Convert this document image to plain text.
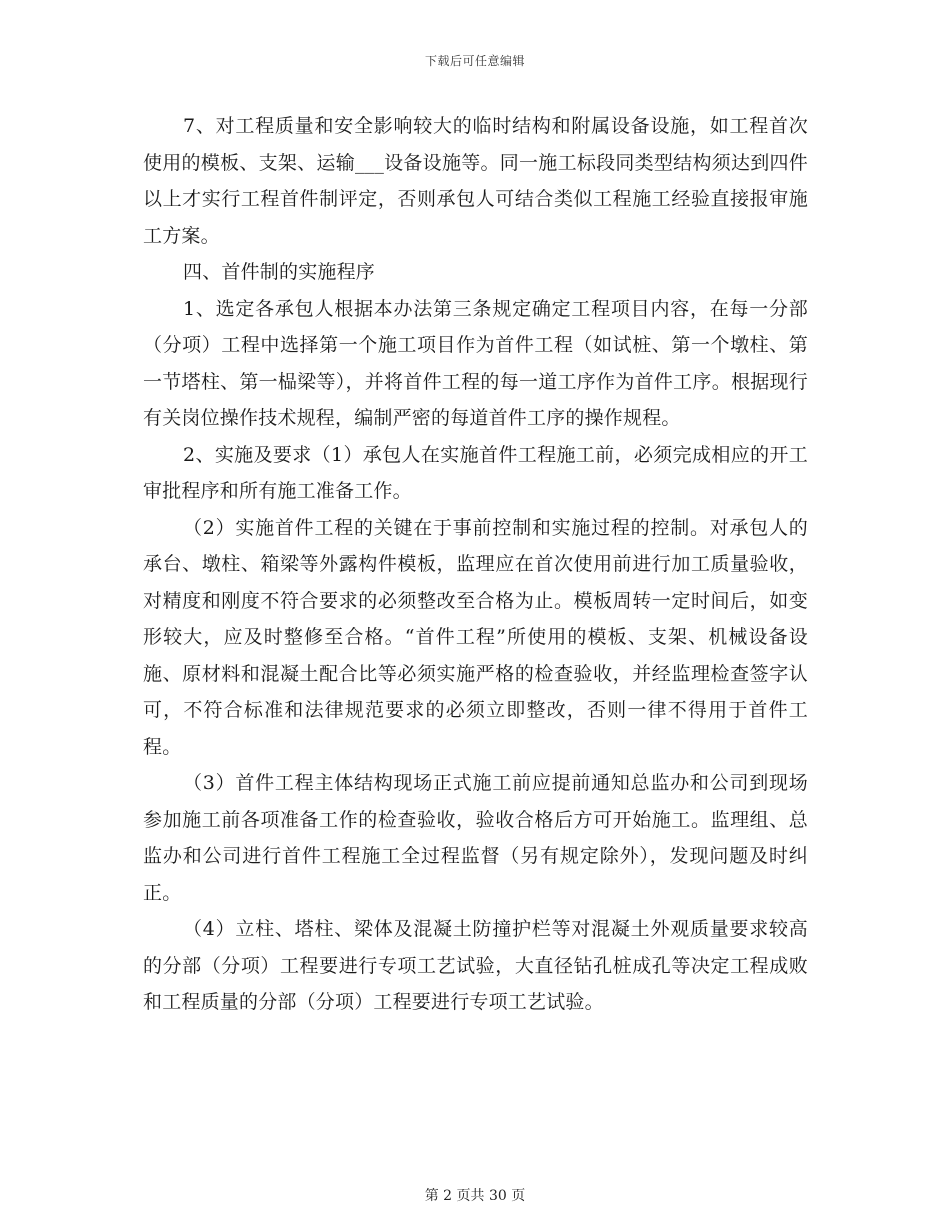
下载后可任意编辑

7、对工程质量和安全影响较大的临时结构和附属设备设施，如工程首次使用的模板、支架、运输___设备设施等。同一施工标段同类型结构须达到四件以上才实行工程首件制评定，否则承包人可结合类似工程施工经验直接报审施工方案。

四、首件制的实施程序

1、选定各承包人根据本办法第三条规定确定工程项目内容，在每一分部（分项）工程中选择第一个施工项目作为首件工程（如试桩、第一个墩柱、第一节塔柱、第一榀梁等），并将首件工程的每一道工序作为首件工序。根据现行有关岗位操作技术规程，编制严密的每道首件工序的操作规程。

2、实施及要求（1）承包人在实施首件工程施工前，必须完成相应的开工审批程序和所有施工准备工作。

（2）实施首件工程的关键在于事前控制和实施过程的控制。对承包人的承台、墩柱、箱梁等外露构件模板，监理应在首次使用前进行加工质量验收，对精度和刚度不符合要求的必须整改至合格为止。模板周转一定时间后，如变形较大，应及时整修至合格。“首件工程”所使用的模板、支架、机械设备设施、原材料和混凝土配合比等必须实施严格的检查验收，并经监理检查签字认可，不符合标准和法律规范要求的必须立即整改，否则一律不得用于首件工程。

（3）首件工程主体结构现场正式施工前应提前通知总监办和公司到现场参加施工前各项准备工作的检查验收，验收合格后方可开始施工。监理组、总监办和公司进行首件工程施工全过程监督（另有规定除外），发现问题及时纠正。

（4）立柱、塔柱、梁体及混凝土防撞护栏等对混凝土外观质量要求较高的分部（分项）工程要进行专项工艺试验，大直径钻孔桩成孔等决定工程成败和工程质量的分部（分项）工程要进行专项工艺试验。

第 2 页共 30 页
